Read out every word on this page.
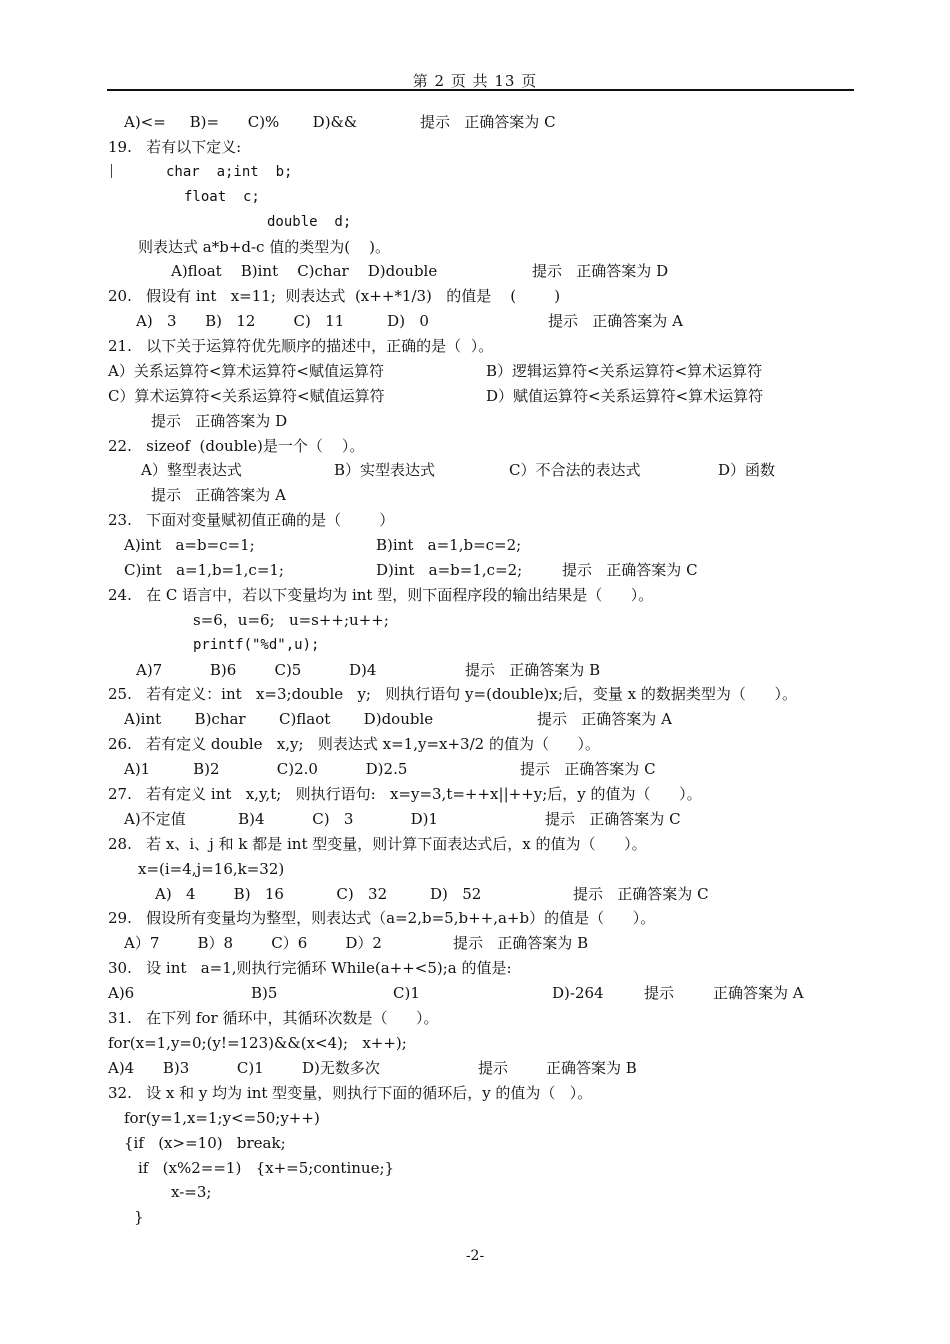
第 2 页 共 13 页
A)<=     B)=      C)%       D)&&	提示   正确答案为 C
19.   若有以下定义:
char  a;int  b;
float  c;
double  d;
则表达式 a*b+d-c 值的类型为(    )。
A)float    B)int    C)char    D)double	提示   正确答案为 D
20.   假设有 int   x=11;  则表达式  (x++*1/3)   的值是    (        )
A)   3      B)   12        C)   11         D)   0	提示   正确答案为 A
21.   以下关于运算符优先顺序的描述中，正确的是（  ）。
A）关系运算符<算术运算符<赋值运算符	B）逻辑运算符<关系运算符<算术运算符
C）算术运算符<关系运算符<赋值运算符	D）赋值运算符<关系运算符<算术运算符
提示   正确答案为 D
22.   sizeof  (double)是一个（    ）。
A）整型表达式	B）实型表达式	C）不合法的表达式	D）函数
提示   正确答案为 A
23.   下面对变量赋初值正确的是（        ）
A)int   a=b=c=1;	B)int   a=1,b=c=2;
C)int   a=1,b=1,c=1;	D)int   a=b=1,c=2;	提示   正确答案为 C
24.   在 C 语言中，若以下变量均为 int 型，则下面程序段的输出结果是（      ）。
s=6，u=6;   u=s++;u++;
printf("%d",u);
A)7          B)6        C)5          D)4	提示   正确答案为 B
25.   若有定义：int   x=3;double   y;   则执行语句 y=(double)x;后，变量 x 的数据类型为（      ）。
A)int       B)char       C)flaot       D)double	提示   正确答案为 A
26.   若有定义 double   x,y;   则表达式 x=1,y=x+3/2 的值为（      ）。
A)1         B)2            C)2.0          D)2.5	提示   正确答案为 C
27.   若有定义 int   x,y,t;   则执行语句:   x=y=3,t=++x||++y;后，y 的值为（      ）。
A)不定值           B)4          C)   3            D)1	提示   正确答案为 C
28.   若 x、i、j 和 k 都是 int 型变量，则计算下面表达式后，x 的值为（      ）。
x=(i=4,j=16,k=32)
A)   4        B)   16           C)   32         D)   52	提示   正确答案为 C
29.   假设所有变量均为整型，则表达式（a=2,b=5,b++,a+b）的值是（      ）。
A）7        B）8        C）6        D）2	提示   正确答案为 B
30.   设 int   a=1,则执行完循环 While(a++<5);a 的值是:
A)6	B)5	C)1	D)-264	提示	正确答案为 A
31.   在下列 for 循环中，其循环次数是（      ）。
for(x=1,y=0;(y!=123)&&(x<4);   x++);
A)4      B)3          C)1        D)无数多次	提示	正确答案为 B
32.   设 x 和 y 均为 int 型变量，则执行下面的循环后，y 的值为（   ）。
for(y=1,x=1;y<=50;y++)
{if   (x>=10)   break;
if   (x%2==1)   {x+=5;continue;}
x-=3;
}
-2-
